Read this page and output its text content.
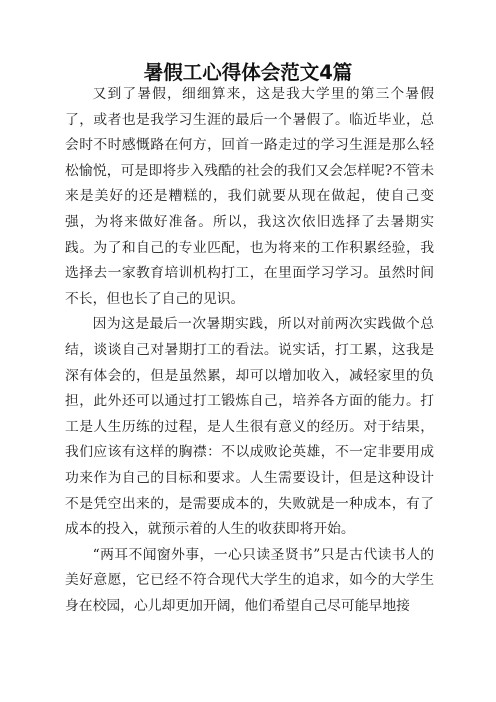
暑假工心得体会范文4篇

又到了暑假，细细算来，这是我大学里的第三个暑假了，或者也是我学习生涯的最后一个暑假了。临近毕业，总会时不时感慨路在何方，回首一路走过的学习生涯是那么轻松愉悦，可是即将步入残酷的社会的我们又会怎样呢?不管未来是美好的还是糟糕的，我们就要从现在做起，使自己变强，为将来做好准备。所以，我这次依旧选择了去暑期实践。为了和自己的专业匹配，也为将来的工作积累经验，我选择去一家教育培训机构打工，在里面学习学习。虽然时间不长，但也长了自己的见识。

因为这是最后一次暑期实践，所以对前两次实践做个总结，谈谈自己对暑期打工的看法。说实话，打工累，这我是深有体会的，但是虽然累，却可以增加收入，减轻家里的负担，此外还可以通过打工锻炼自己，培养各方面的能力。打工是人生历练的过程，是人生很有意义的经历。对于结果，我们应该有这样的胸襟：不以成败论英雄，不一定非要用成功来作为自己的目标和要求。人生需要设计，但是这种设计不是凭空出来的，是需要成本的，失败就是一种成本，有了成本的投入，就预示着的人生的收获即将开始。

“两耳不闻窗外事，一心只读圣贤书”只是古代读书人的美好意愿，它已经不符合现代大学生的追求，如今的大学生身在校园，心儿却更加开阔，他们希望自己尽可能早地接
